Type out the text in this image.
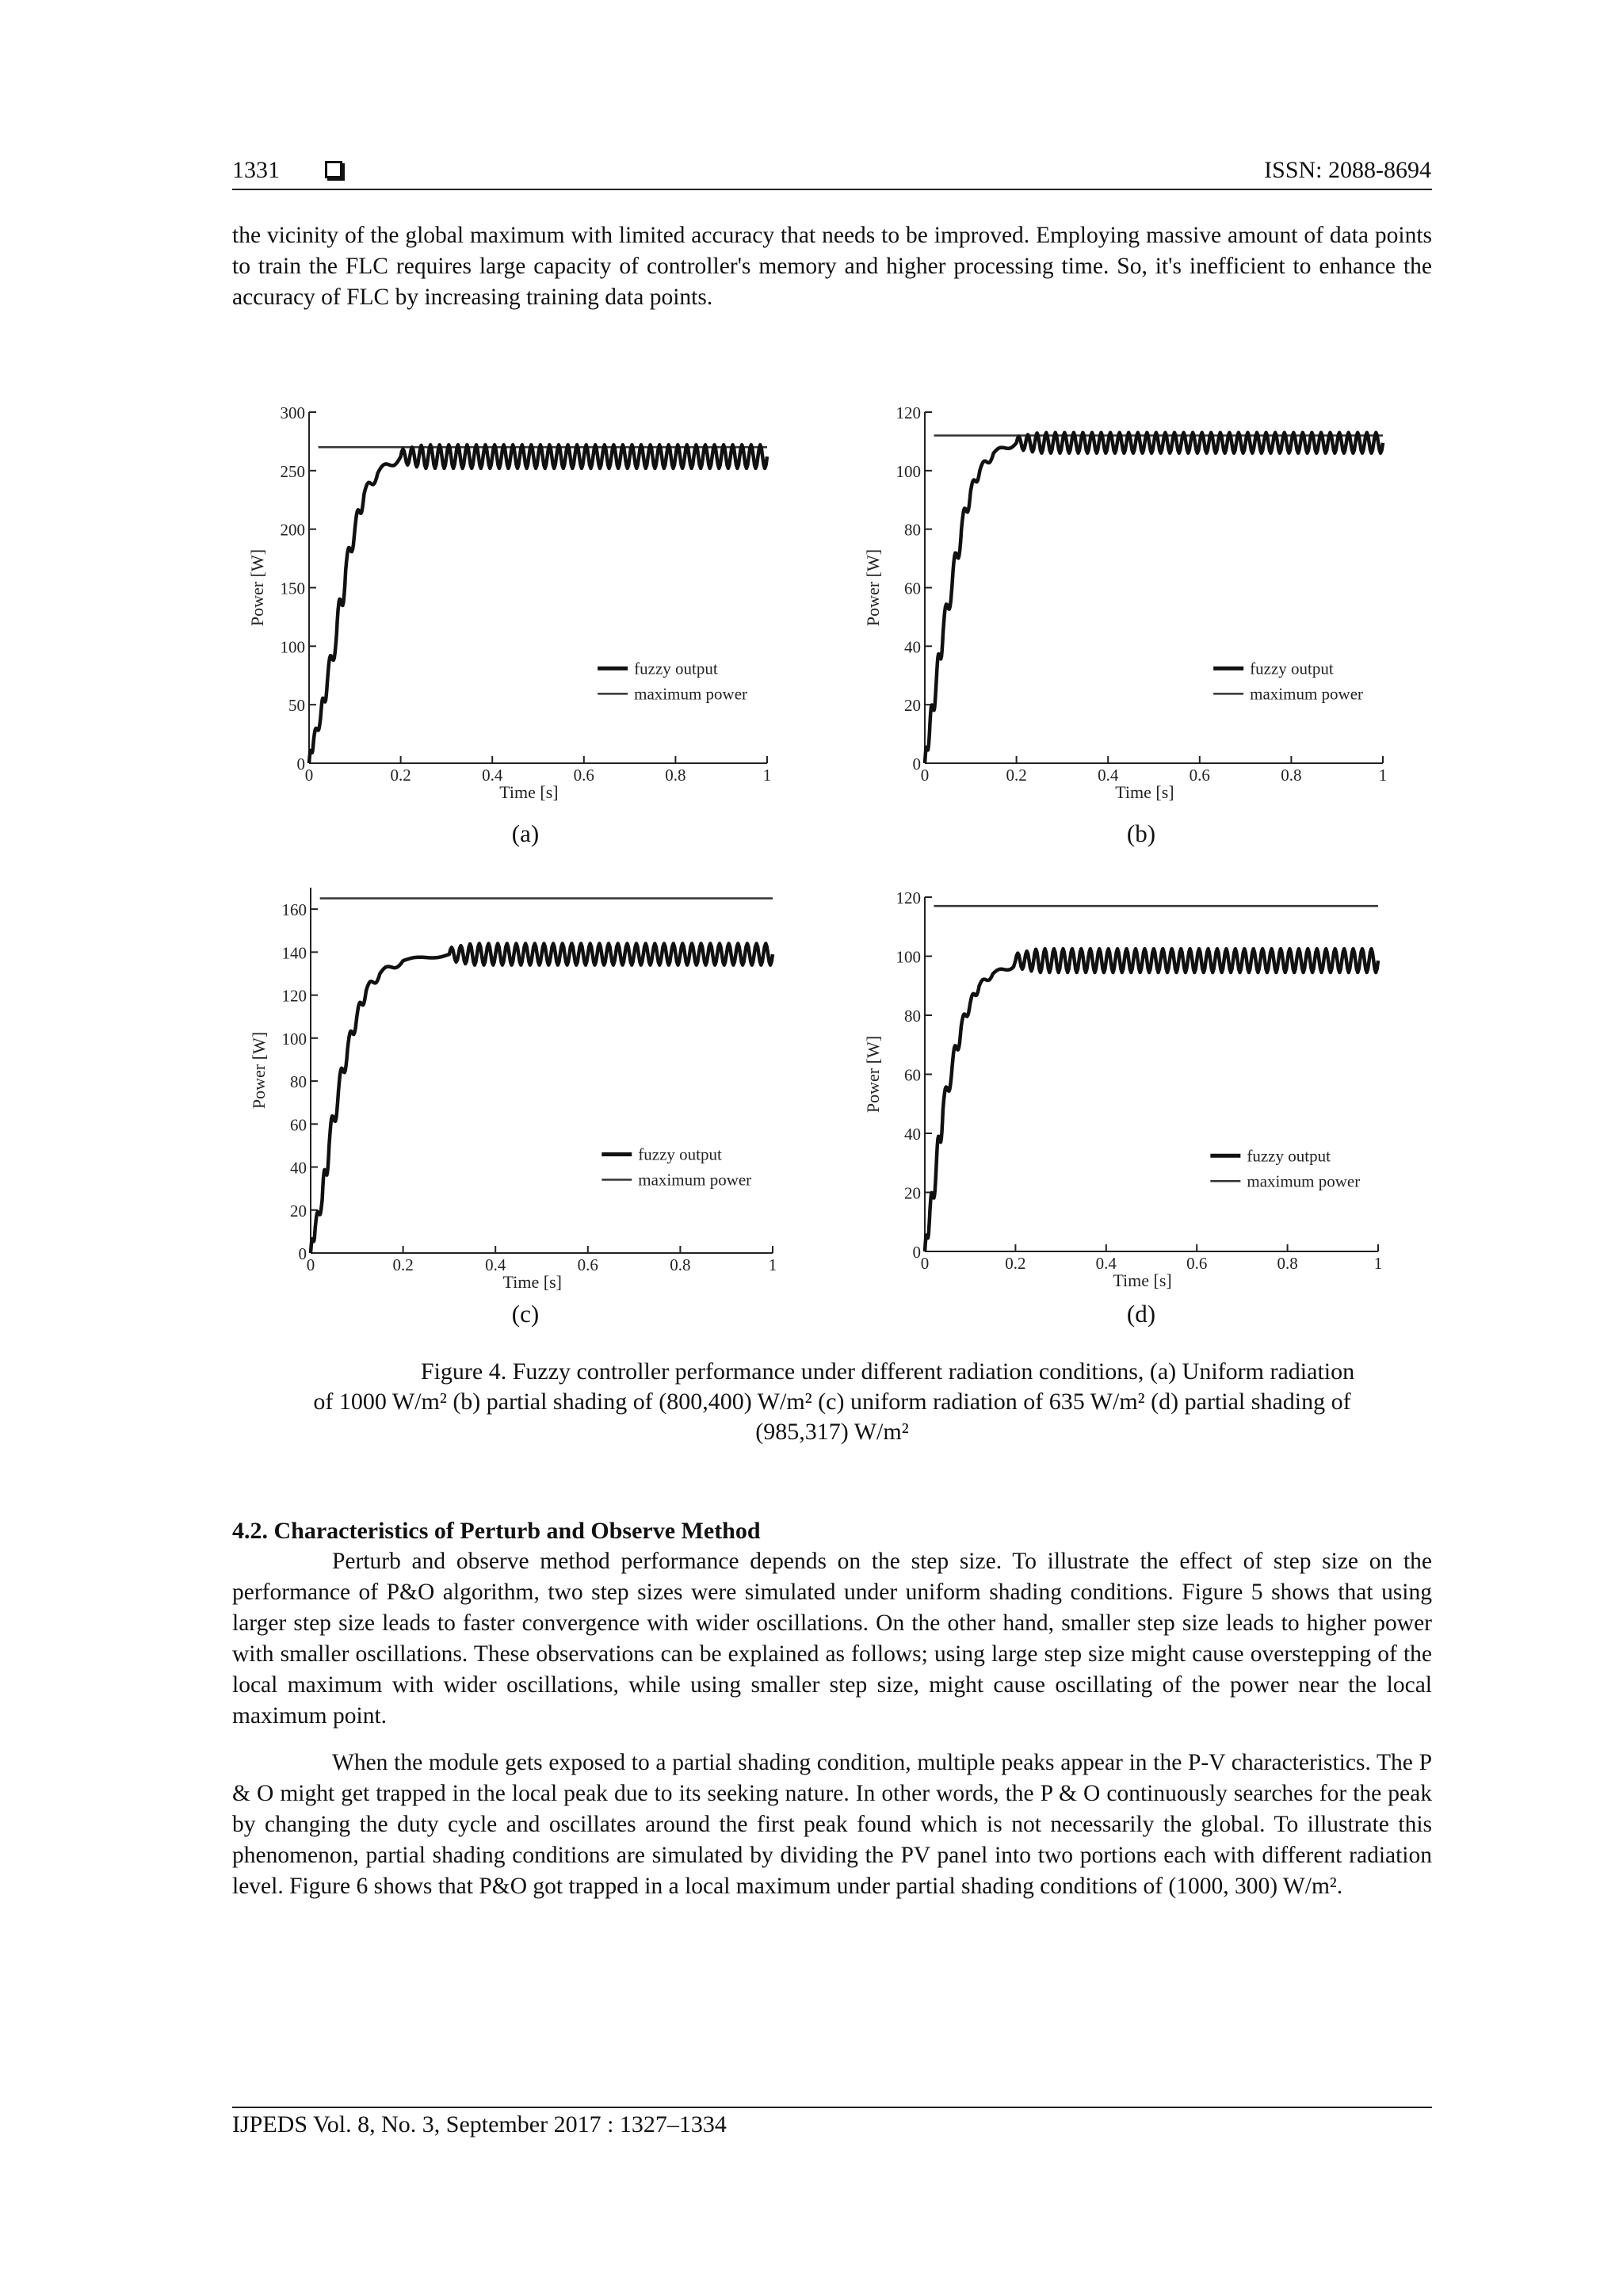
1331	ISSN: 2088-8694
the vicinity of the global maximum with limited accuracy that needs to be improved. Employing massive amount of data points to train the FLC requires large capacity of controller's memory and higher processing time. So, it's inefficient to enhance the accuracy of FLC by increasing training data points.
0
50
100
150
200
250
300
0	0.2	0.4	0.6	0.8	1
Time [s]
Power [W]
fuzzy output
maximum power
0
20
40
60
80
100
120
0	0.2	0.4	0.6	0.8	1
Time [s]
Power [W]
fuzzy output
maximum power
0
20
40
60
80
100
120
140
160
0	0.2	0.4	0.6	0.8	1
Time [s]
Power [W]
fuzzy output
maximum power
0
20
40
60
80
100
120
0	0.2	0.4	0.6	0.8	1
Time [s]
Power [W]
fuzzy output
maximum power
(a)	(b)
(c)	(d)
Figure 4. Fuzzy controller performance under different radiation conditions, (a) Uniform radiation
of 1000 W/m² (b) partial shading of (800,400) W/m² (c) uniform radiation of 635 W/m² (d) partial shading of
(985,317) W/m²
4.2. Characteristics of Perturb and Observe Method
Perturb and observe method performance depends on the step size. To illustrate the effect of step size on the performance of P&O algorithm, two step sizes were simulated under uniform shading conditions. Figure 5 shows that using larger step size leads to faster convergence with wider oscillations. On the other hand, smaller step size leads to higher power with smaller oscillations. These observations can be explained as follows; using large step size might cause overstepping of the local maximum with wider oscillations, while using smaller step size, might cause oscillating of the power near the local maximum point.
When the module gets exposed to a partial shading condition, multiple peaks appear in the P-V characteristics. The P & O might get trapped in the local peak due to its seeking nature. In other words, the P & O continuously searches for the peak by changing the duty cycle and oscillates around the first peak found which is not necessarily the global. To illustrate this phenomenon, partial shading conditions are simulated by dividing the PV panel into two portions each with different radiation level. Figure 6 shows that P&O got trapped in a local maximum under partial shading conditions of (1000, 300) W/m².
IJPEDS Vol. 8, No. 3, September 2017 : 1327–1334
